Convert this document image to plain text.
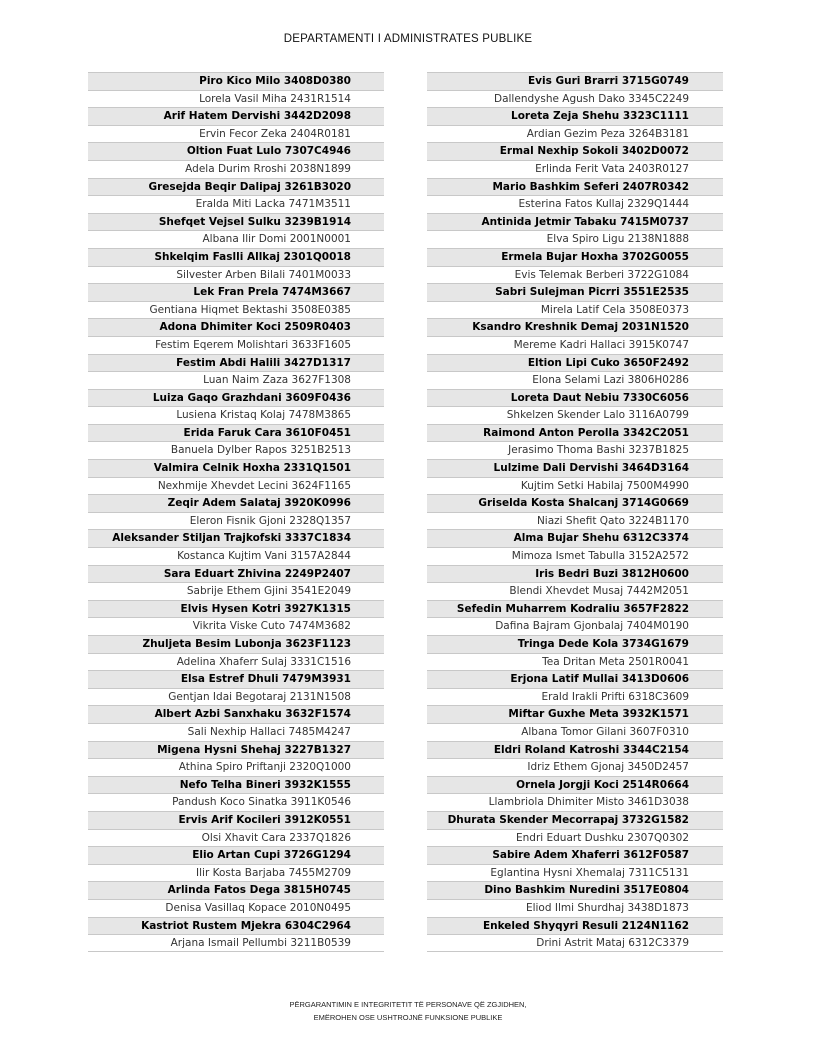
DEPARTAMENTI I ADMINISTRATES PUBLIKE
Piro Kico Milo 3408D0380
Lorela Vasil Miha 2431R1514
Arif Hatem Dervishi 3442D2098
Ervin Fecor Zeka 2404R0181
Oltion Fuat Lulo 7307C4946
Adela Durim Rroshi 2038N1899
Gresejda Beqir Dalipaj 3261B3020
Eralda Miti Lacka 7471M3511
Shefqet Vejsel Sulku 3239B1914
Albana Ilir Domi 2001N0001
Shkelqim Faslli Allkaj 2301Q0018
Silvester Arben Bilali 7401M0033
Lek Fran Prela 7474M3667
Gentiana Hiqmet Bektashi 3508E0385
Adona Dhimiter Koci 2509R0403
Festim Eqerem Molishtari 3633F1605
Festim Abdi Halili 3427D1317
Luan Naim Zaza 3627F1308
Luiza Gaqo Grazhdani 3609F0436
Lusiena Kristaq Kolaj 7478M3865
Erida Faruk Cara 3610F0451
Banuela Dylber Rapos 3251B2513
Valmira Celnik Hoxha 2331Q1501
Nexhmije Xhevdet Lecini 3624F1165
Zeqir Adem Salataj 3920K0996
Eleron Fisnik Gjoni 2328Q1357
Aleksander Stiljan Trajkofski 3337C1834
Kostanca Kujtim Vani 3157A2844
Sara Eduart Zhivina 2249P2407
Sabrije Ethem Gjini 3541E2049
Elvis Hysen Kotri 3927K1315
Vikrita Viske Cuto 7474M3682
Zhuljeta Besim Lubonja 3623F1123
Adelina Xhaferr Sulaj 3331C1516
Elsa Estref Dhuli 7479M3931
Gentjan Idai Begotaraj 2131N1508
Albert Azbi Sanxhaku 3632F1574
Sali Nexhip Hallaci 7485M4247
Migena Hysni Shehaj 3227B1327
Athina Spiro Priftanji 2320Q1000
Nefo Telha Bineri 3932K1555
Pandush Koco Sinatka 3911K0546
Ervis Arif Kocileri 3912K0551
Olsi Xhavit Cara 2337Q1826
Elio Artan Cupi 3726G1294
Ilir Kosta Barjaba 7455M2709
Arlinda Fatos Dega 3815H0745
Denisa Vasillaq Kopace 2010N0495
Kastriot Rustem Mjekra 6304C2964
Arjana Ismail Pellumbi 3211B0539
Evis Guri Brarri 3715G0749
Dallendyshe Agush Dako 3345C2249
Loreta Zeja Shehu 3323C1111
Ardian Gezim Peza 3264B3181
Ermal Nexhip Sokoli 3402D0072
Erlinda Ferit Vata 2403R0127
Mario Bashkim Seferi 2407R0342
Esterina Fatos Kullaj 2329Q1444
Antinida Jetmir Tabaku 7415M0737
Elva Spiro Ligu 2138N1888
Ermela Bujar Hoxha 3702G0055
Evis Telemak Berberi 3722G1084
Sabri Sulejman Picrri 3551E2535
Mirela Latif Cela 3508E0373
Ksandro Kreshnik Demaj 2031N1520
Mereme Kadri Hallaci 3915K0747
Eltion Lipi Cuko 3650F2492
Elona Selami Lazi 3806H0286
Loreta Daut Nebiu 7330C6056
Shkelzen Skender Lalo 3116A0799
Raimond Anton Perolla 3342C2051
Jerasimo Thoma Bashi 3237B1825
Lulzime Dali Dervishi 3464D3164
Kujtim Setki Habilaj 7500M4990
Griselda Kosta Shalcanj 3714G0669
Niazi Shefit Qato 3224B1170
Alma Bujar Shehu 6312C3374
Mimoza Ismet Tabulla 3152A2572
Iris Bedri Buzi 3812H0600
Blendi Xhevdet Musaj 7442M2051
Sefedin Muharrem Kodraliu 3657F2822
Dafina Bajram Gjonbalaj 7404M0190
Tringa Dede Kola 3734G1679
Tea Dritan Meta 2501R0041
Erjona Latif Mullai 3413D0606
Erald Irakli Prifti 6318C3609
Miftar Guxhe Meta 3932K1571
Albana Tomor Gilani 3607F0310
Eldri Roland Katroshi 3344C2154
Idriz Ethem Gjonaj 3450D2457
Ornela Jorgji Koci 2514R0664
Llambriola Dhimiter Misto 3461D3038
Dhurata Skender Mecorrapaj 3732G1582
Endri Eduart Dushku 2307Q0302
Sabire Adem Xhaferri 3612F0587
Eglantina Hysni Xhemalaj 7311C5131
Dino Bashkim Nuredini 3517E0804
Eliod Ilmi Shurdhaj 3438D1873
Enkeled Shyqyri Resuli 2124N1162
Drini Astrit Mataj 6312C3379
PËRGARANTIMIN E INTEGRITETIT TË PERSONAVE QË ZGJIDHEN,
EMËROHEN OSE USHTROJNË FUNKSIONE PUBLIKE
